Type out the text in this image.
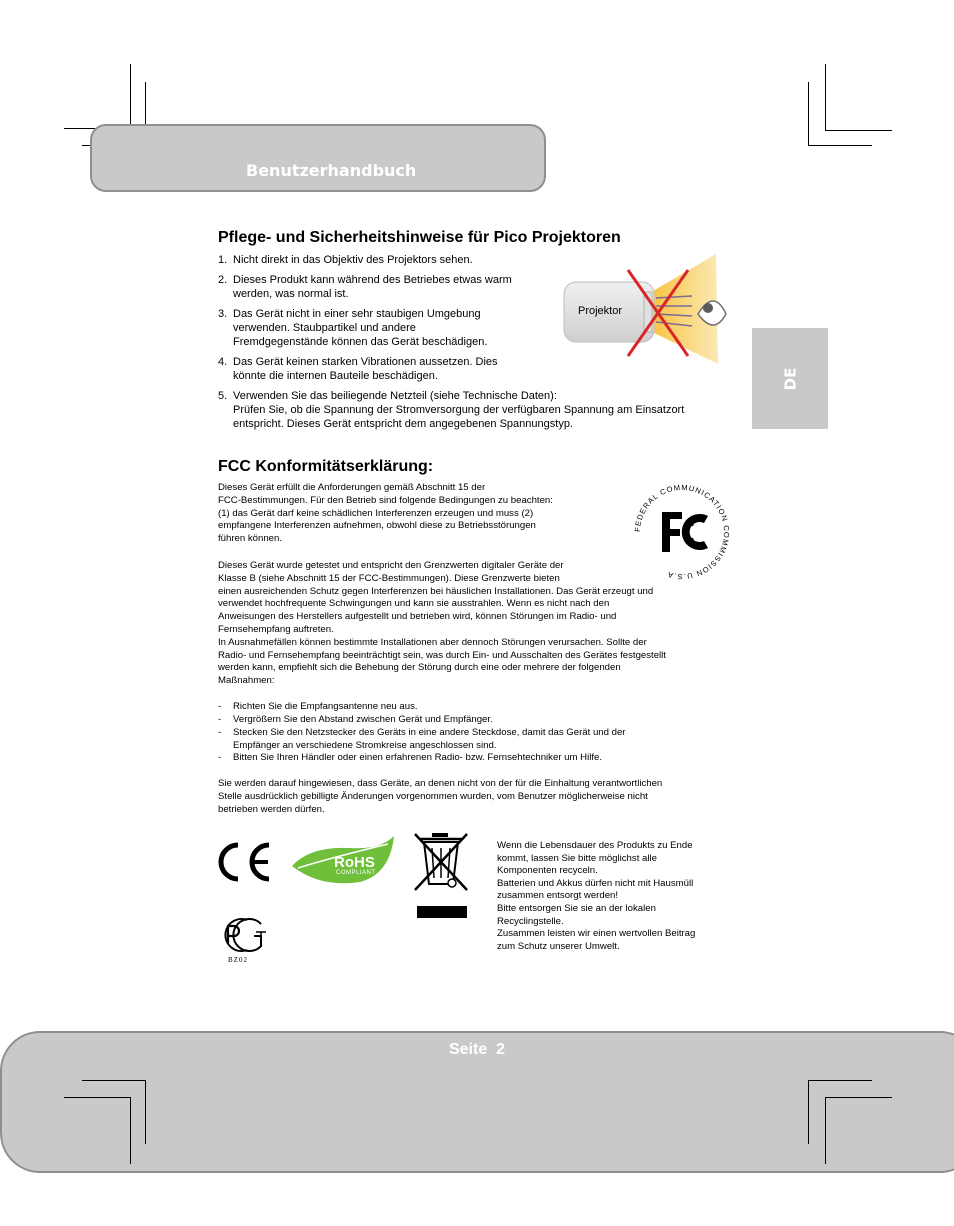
Benutzerhandbuch
DE
Pflege- und Sicherheitshinweise für Pico Projektoren
1. Nicht direkt in das Objektiv des Projektors sehen.
2. Dieses Produkt kann während des Betriebes etwas warm
werden, was normal ist.
3. Das Gerät nicht in einer sehr staubigen Umgebung
verwenden. Staubpartikel und andere
Fremdgegenstände können das Gerät beschädigen.
4. Das Gerät keinen starken Vibrationen aussetzen. Dies
könnte die internen Bauteile beschädigen.
5. Verwenden Sie das beiliegende Netzteil (siehe Technische Daten):
Prüfen Sie, ob die Spannung der Stromversorgung der verfügbaren Spannung am Einsatzort
entspricht. Dieses Gerät entspricht dem angegebenen Spannungstyp.
Projektor
FCC Konformitätserklärung:
Dieses Gerät erfüllt die Anforderungen gemäß Abschnitt 15 der
FCC-Bestimmungen. Für den Betrieb sind folgende Bedingungen zu beachten:
(1) das Gerät darf keine schädlichen Interferenzen erzeugen und muss (2)
empfangene Interferenzen aufnehmen, obwohl diese zu Betriebsstörungen
führen können.
Dieses Gerät wurde getestet und entspricht den Grenzwerten digitaler Geräte der
Klasse B (siehe Abschnitt 15 der FCC-Bestimmungen). Diese Grenzwerte bieten
einen ausreichenden Schutz gegen Interferenzen bei häuslichen Installationen. Das Gerät erzeugt und
verwendet hochfrequente Schwingungen und kann sie ausstrahlen. Wenn es nicht nach den
Anweisungen des Herstellers aufgestellt und betrieben wird, können Störungen im Radio- und
Fernsehempfang auftreten.
In Ausnahmefällen können bestimmte Installationen aber dennoch Störungen verursachen. Sollte der
Radio- und Fernsehempfang beeinträchtigt sein, was durch Ein- und Ausschalten des Gerätes festgestellt
werden kann, empfiehlt sich die Behebung der Störung durch eine oder mehrere der folgenden
Maßnahmen:
FEDERAL COMMUNICATION COMMISSION U.S.A
- Richten Sie die Empfangsantenne neu aus.
- Vergrößern Sie den Abstand zwischen Gerät und Empfänger.
- Stecken Sie den Netzstecker des Geräts in eine andere Steckdose, damit das Gerät und der
Empfänger an verschiedene Stromkreise angeschlossen sind.
- Bitten Sie Ihren Händler oder einen erfahrenen Radio- bzw. Fernsehtechniker um Hilfe.
Sie werden darauf hingewiesen, dass Geräte, an denen nicht von der für die Einhaltung verantwortlichen
Stelle ausdrücklich gebilligte Änderungen vorgenommen wurden, vom Benutzer möglicherweise nicht
betrieben werden dürfen.
RoHS
COMPLIANT
BZ02
Wenn die Lebensdauer des Produkts zu Ende
kommt, lassen Sie bitte möglichst alle
Komponenten recyceln.
Batterien und Akkus dürfen nicht mit Hausmüll
zusammen entsorgt werden!
Bitte entsorgen Sie sie an der lokalen
Recyclingstelle.
Zusammen leisten wir einen wertvollen Beitrag
zum Schutz unserer Umwelt.
Seite  2
